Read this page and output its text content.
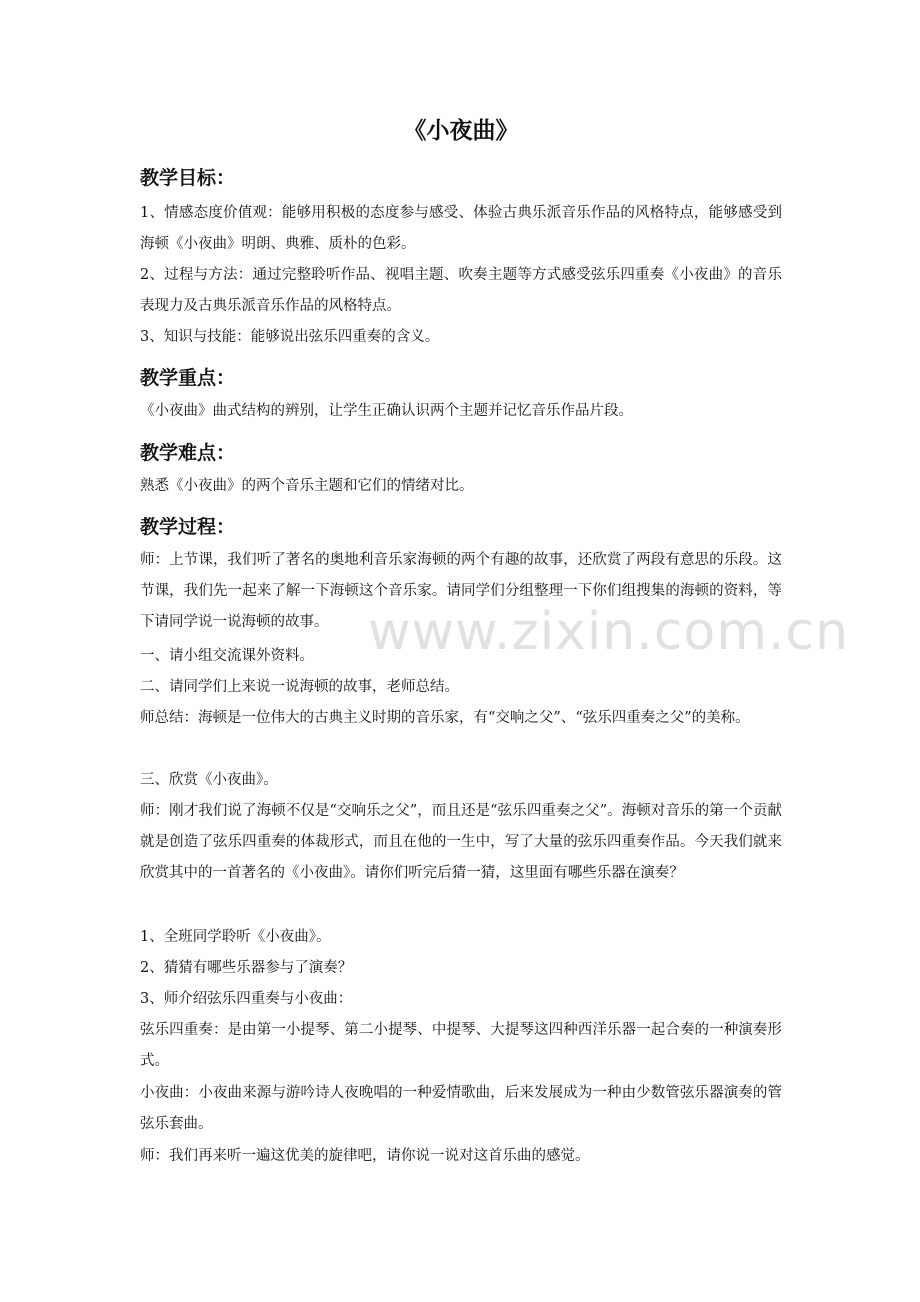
《小夜曲》
教学目标：

1、情感态度价值观：能够用积极的态度参与感受、体验古典乐派音乐作品的风格特点，能够感受到海顿《小夜曲》明朗、典雅、质朴的色彩。

2、过程与方法：通过完整聆听作品、视唱主题、吹奏主题等方式感受弦乐四重奏《小夜曲》的音乐表现力及古典乐派音乐作品的风格特点。

3、知识与技能：能够说出弦乐四重奏的含义。

教学重点：

《小夜曲》曲式结构的辨别，让学生正确认识两个主题并记忆音乐作品片段。

教学难点：

熟悉《小夜曲》的两个音乐主题和它们的情绪对比。

教学过程：

师：上节课，我们听了著名的奥地利音乐家海顿的两个有趣的故事，还欣赏了两段有意思的乐段。这节课，我们先一起来了解一下海顿这个音乐家。请同学们分组整理一下你们组搜集的海顿的资料，等下请同学说一说海顿的故事。

一、请小组交流课外资料。

二、请同学们上来说一说海顿的故事，老师总结。

师总结：海顿是一位伟大的古典主义时期的音乐家，有“交响之父”、“弦乐四重奏之父”的美称。

三、欣赏《小夜曲》。

师：刚才我们说了海顿不仅是“交响乐之父”，而且还是“弦乐四重奏之父”。海顿对音乐的第一个贡献就是创造了弦乐四重奏的体裁形式，而且在他的一生中，写了大量的弦乐四重奏作品。今天我们就来欣赏其中的一首著名的《小夜曲》。请你们听完后猜一猜，这里面有哪些乐器在演奏？

1、全班同学聆听《小夜曲》。

2、猜猜有哪些乐器参与了演奏？

3、师介绍弦乐四重奏与小夜曲：

弦乐四重奏：是由第一小提琴、第二小提琴、中提琴、大提琴这四种西洋乐器一起合奏的一种演奏形式。

小夜曲：小夜曲来源与游吟诗人夜晚唱的一种爱情歌曲，后来发展成为一种由少数管弦乐器演奏的管弦乐套曲。

师：我们再来听一遍这优美的旋律吧，请你说一说对这首乐曲的感觉。

www.zixin.com.cn
